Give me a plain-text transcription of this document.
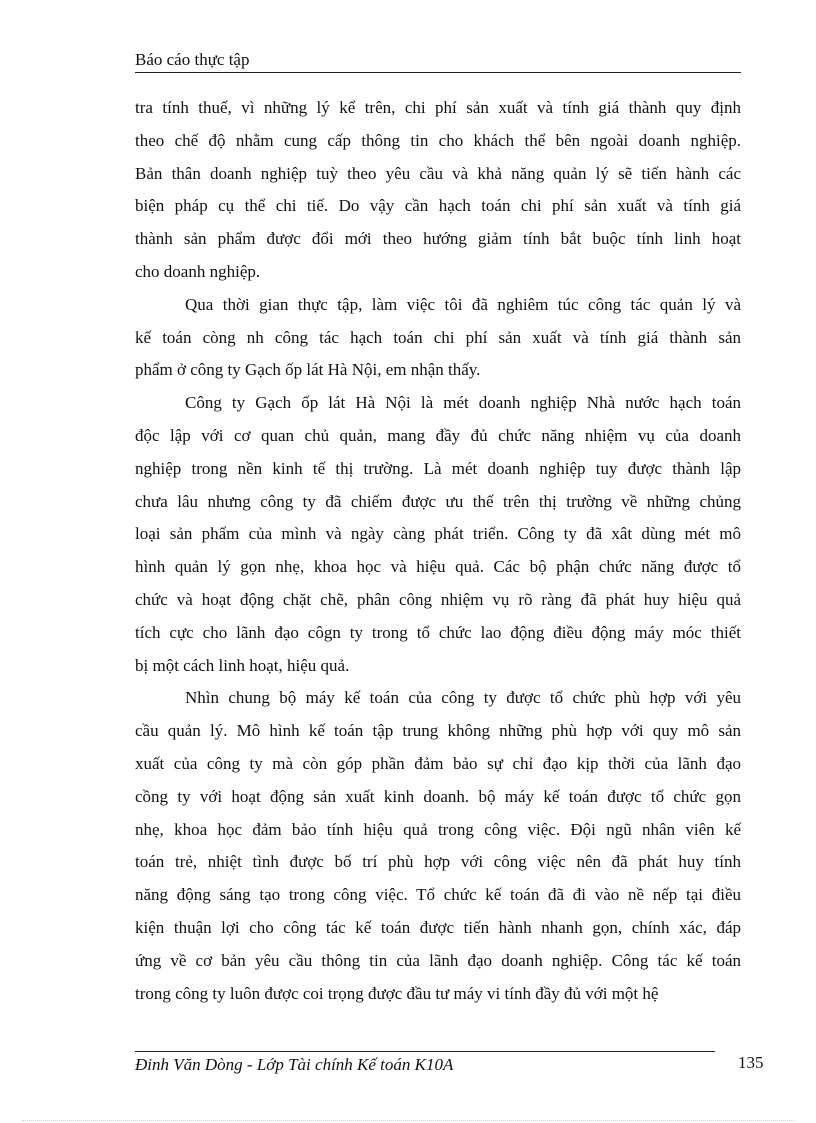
Báo cáo thực tập
tra tính thuế, vì những lý kể trên, chi phí sản xuất và tính giá thành quy định
theo chế độ nhằm cung cấp thông tin cho khách thể bên ngoài doanh nghiệp.
Bản thân doanh nghiệp tuỳ theo yêu cầu và khả năng quản lý sẽ tiến hành các
biện pháp cụ thể chi tiế. Do vậy cần hạch toán chi phí sản xuất và tính giá
thành sản phẩm được đổi mới theo hướng giảm tính bắt buộc tính linh hoạt
cho doanh nghiệp.
Qua thời gian thực tập, làm việc tôi đã nghiêm túc công tác quản lý và
kế toán còng nh công tác hạch toán chi phí sản xuất và tính giá thành sản
phẩm ở công ty Gạch ốp lát Hà Nội, em nhận thấy.
Công ty Gạch ốp lát Hà Nội là mét doanh nghiệp Nhà nước hạch toán
độc lập với cơ quan chủ quản, mang đầy đủ chức năng nhiệm vụ của doanh
nghiệp trong nền kinh tế thị trường. Là mét doanh nghiệp tuy được thành lập
chưa lâu nhưng công ty đã chiếm được ưu thế trên thị trường về những chủng
loại sản phẩm của mình và ngày càng phát triển. Công ty đã xât dùng mét mô
hình quản lý gọn nhẹ, khoa học và hiệu quả. Các bộ phận chức năng được tổ
chức và hoạt động chặt chẽ, phân công nhiệm vụ rõ ràng đã phát huy hiệu quả
tích cực cho lãnh đạo côgn ty trong tổ chức lao động điều động máy móc thiết
bị một cách linh hoạt, hiệu quả.
Nhìn chung bộ máy kế toán của công ty được tổ chức phù hợp với yêu
cầu quản lý. Mô hình kế toán tập trung không những phù hợp với quy mô sản
xuất của công ty mà còn góp phần đảm bảo sự chỉ đạo kịp thời của lãnh đạo
cồng ty với hoạt động sản xuất kinh doanh. bộ máy kế toán được tổ chức gọn
nhẹ, khoa học đảm bảo tính hiệu quả trong công việc. Đội ngũ nhân viên kế
toán trẻ, nhiệt tình được bố trí phù hợp với công việc nên đã phát huy tính
năng động sáng tạo trong công việc. Tổ chức kế toán đã đi vào nề nếp tại điều
kiện thuận lợi cho công tác kế toán được tiến hành nhanh gọn, chính xác, đáp
ứng về cơ bản yêu cầu thông tin của lãnh đạo doanh nghiệp. Công tác kế toán
trong công ty luôn được coi trọng được đầu tư máy vi tính đầy đủ với một hệ
Đinh Văn Dòng - Lớp Tài chính Kế toán K10A	135
